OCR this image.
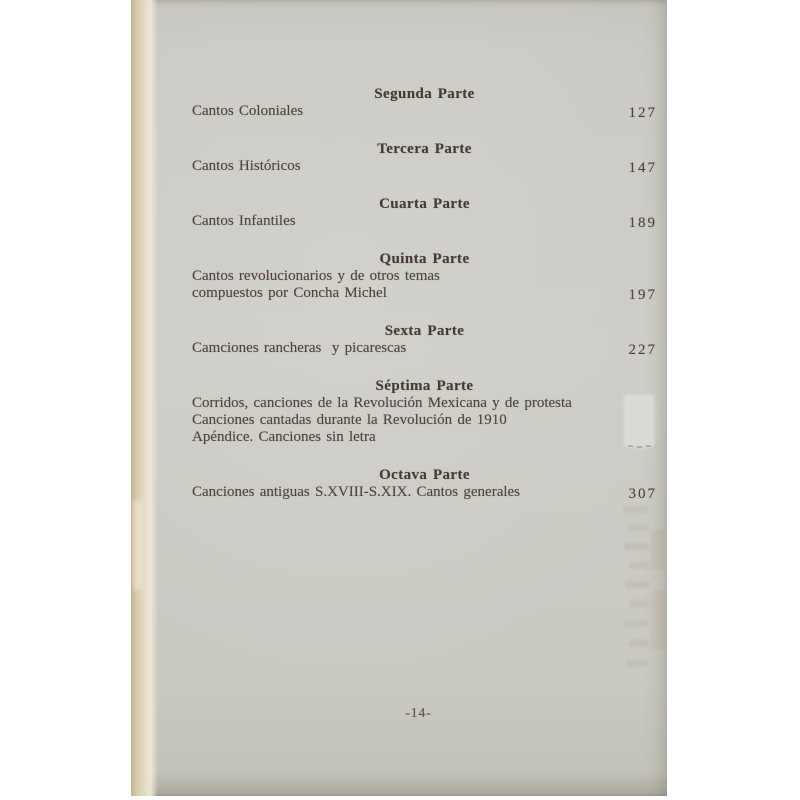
Segunda Parte
Cantos Coloniales	127
Tercera Parte
Cantos Históricos	147
Cuarta Parte
Cantos Infantiles	189
Quinta Parte
Cantos revolucionarios y de otros temas
compuestos por Concha Michel	197
Sexta Parte
Camciones rancheras  y picarescas	227
Séptima Parte
Corridos, canciones de la Revolución Mexicana y de protesta
Canciones cantadas durante la Revolución de 1910
Apéndice. Canciones sin letra
Octava Parte
Canciones antiguas S.XVIII-S.XIX. Cantos generales	307
-14-
